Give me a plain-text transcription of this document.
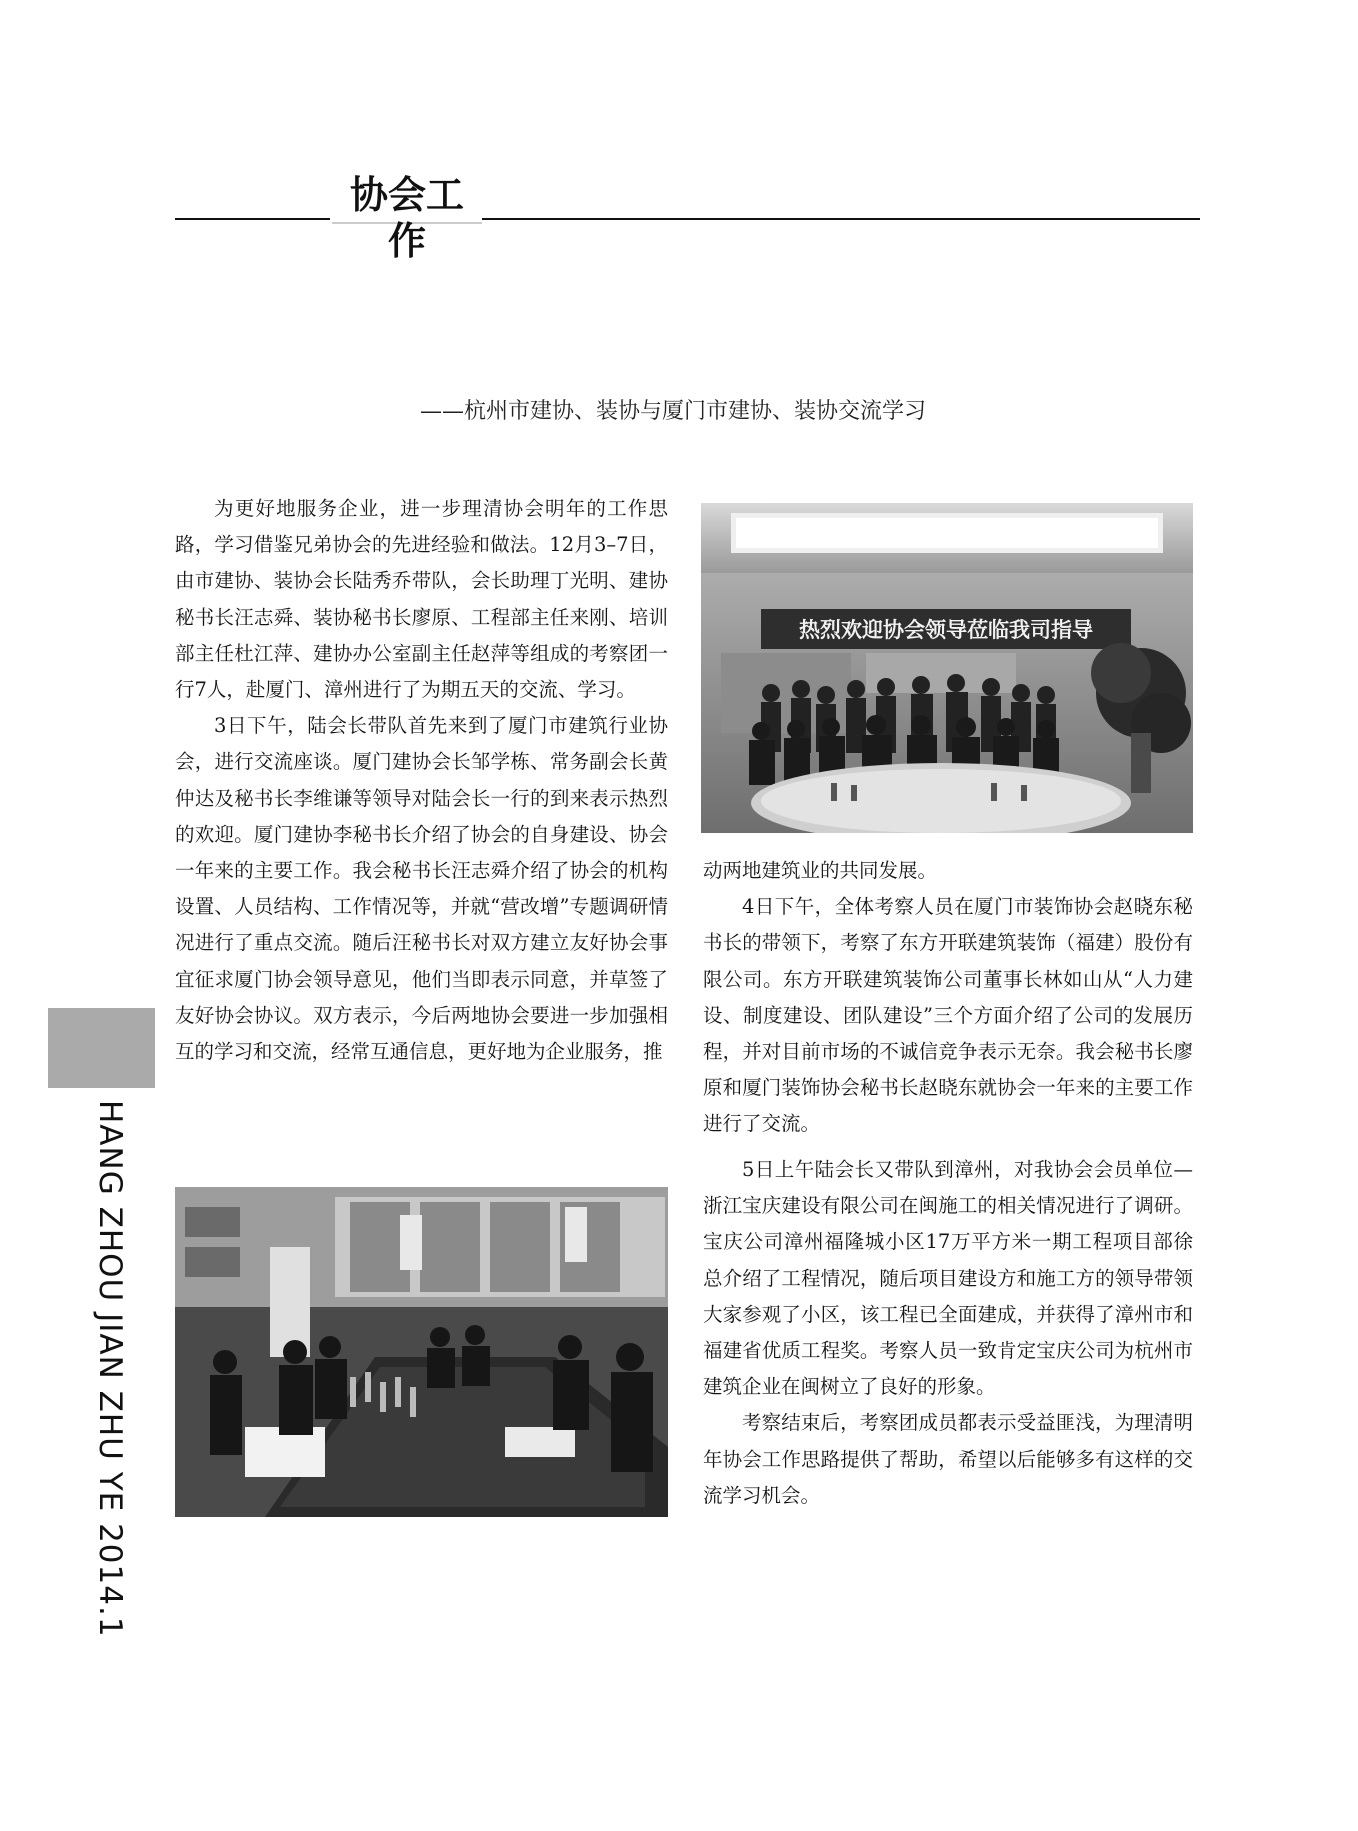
协会工作
——杭州市建协、装协与厦门市建协、装协交流学习

为更好地服务企业，进一步理清协会明年的工作思路，学习借鉴兄弟协会的先进经验和做法。12月3–7日，由市建协、装协会长陆秀乔带队，会长助理丁光明、建协秘书长汪志舜、装协秘书长廖原、工程部主任来刚、培训部主任杜江萍、建协办公室副主任赵萍等组成的考察团一行7人，赴厦门、漳州进行了为期五天的交流、学习。

3日下午，陆会长带队首先来到了厦门市建筑行业协会，进行交流座谈。厦门建协会长邹学栋、常务副会长黄仲达及秘书长李维谦等领导对陆会长一行的到来表示热烈的欢迎。厦门建协李秘书长介绍了协会的自身建设、协会一年来的主要工作。我会秘书长汪志舜介绍了协会的机构设置、人员结构、工作情况等，并就“营改增”专题调研情况进行了重点交流。随后汪秘书长对双方建立友好协会事宜征求厦门协会领导意见，他们当即表示同意，并草签了友好协会协议。双方表示，今后两地协会要进一步加强相互的学习和交流，经常互通信息，更好地为企业服务，推

热烈欢迎协会领导莅临我司指导

动两地建筑业的共同发展。

4日下午，全体考察人员在厦门市装饰协会赵晓东秘书长的带领下，考察了东方开联建筑装饰（福建）股份有限公司。东方开联建筑装饰公司董事长林如山从“人力建设、制度建设、团队建设”三个方面介绍了公司的发展历程，并对目前市场的不诚信竞争表示无奈。我会秘书长廖原和厦门装饰协会秘书长赵晓东就协会一年来的主要工作进行了交流。

5日上午陆会长又带队到漳州，对我协会会员单位—浙江宝庆建设有限公司在闽施工的相关情况进行了调研。宝庆公司漳州福隆城小区17万平方米一期工程项目部徐总介绍了工程情况，随后项目建设方和施工方的领导带领大家参观了小区，该工程已全面建成，并获得了漳州市和福建省优质工程奖。考察人员一致肯定宝庆公司为杭州市建筑企业在闽树立了良好的形象。

考察结束后，考察团成员都表示受益匪浅，为理清明年协会工作思路提供了帮助，希望以后能够多有这样的交流学习机会。

HANG ZHOU JIAN ZHU YE 2014.1
